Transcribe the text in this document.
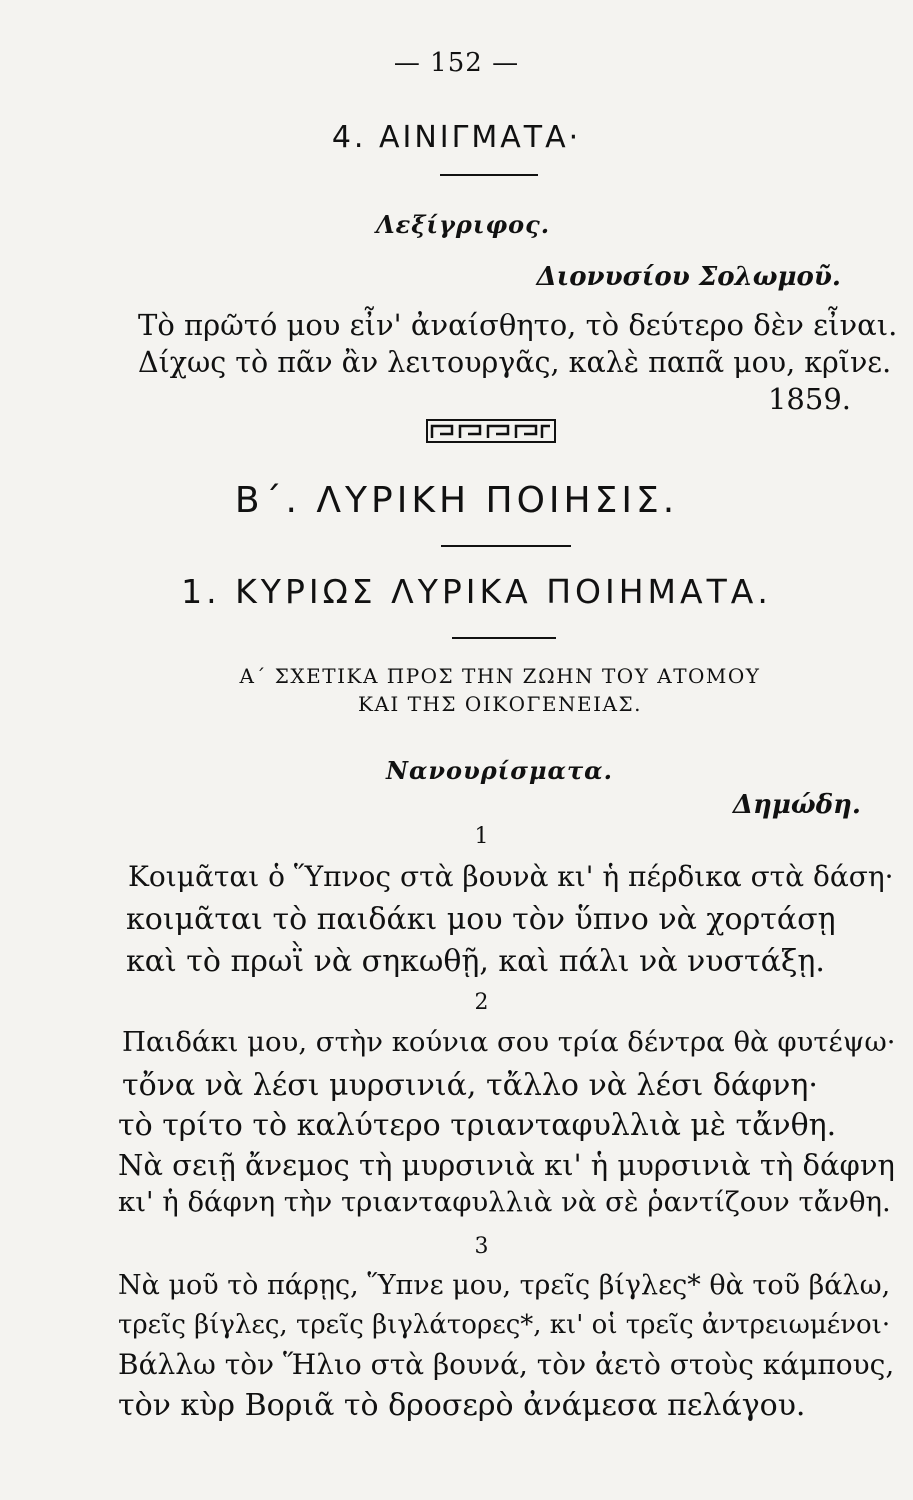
— 152 —
4. ΑΙΝΙΓΜΑΤΑ·
Λεξίγριφος.
Διονυσίου Σολωμοῦ.
Τὸ πρῶτό μου εἶν' ἀναίσθητο, τὸ δεύτερο δὲν εἶναι.
Δίχως τὸ πᾶν ἂν λειτουργᾶς, καλὲ παπᾶ μου, κρῖνε.
1859.
Β΄. ΛΥΡΙΚΗ ΠΟΙΗΣΙΣ.
1. ΚΥΡΙΩΣ ΛΥΡΙΚΑ ΠΟΙΗΜΑΤΑ.
Α΄ ΣΧΕΤΙΚΑ ΠΡΟΣ ΤΗΝ ΖΩΗΝ ΤΟΥ ΑΤΟΜΟΥ
ΚΑΙ ΤΗΣ ΟΙΚΟΓΕΝΕΙΑΣ.
Νανουρίσματα.
Δημώδη.
1
Κοιμᾶται ὁ Ὕπνος στὰ βουνὰ κι' ἡ πέρδικα στὰ δάση·
κοιμᾶται τὸ παιδάκι μου τὸν ὕπνο νὰ χορτάσῃ
καὶ τὸ πρωῒ νὰ σηκωθῇ, καὶ πάλι νὰ νυστάξῃ.
2
Παιδάκι μου, στὴν κούνια σου τρία δέντρα θὰ φυτέψω·
τὄνα νὰ λέσι μυρσινιά, τἄλλο νὰ λέσι δάφνη·
τὸ τρίτο τὸ καλύτερο τριανταφυλλιὰ μὲ τἄνθη.
Νὰ σειῇ ἄνεμος τὴ μυρσινιὰ κι' ἡ μυρσινιὰ τὴ δάφνη
κι' ἡ δάφνη τὴν τριανταφυλλιὰ νὰ σὲ ῥαντίζουν τἄνθη.
3
Νὰ μοῦ τὸ πάρῃς, Ὕπνε μου, τρεῖς βίγλες* θὰ τοῦ βάλω,
τρεῖς βίγλες, τρεῖς βιγλάτορες*, κι' οἱ τρεῖς ἀντρειωμένοι·
Βάλλω τὸν Ἥλιο στὰ βουνά, τὸν ἀετὸ στοὺς κάμπους,
τὸν κὺρ Βοριᾶ τὸ δροσερὸ ἀνάμεσα πελάγου.
